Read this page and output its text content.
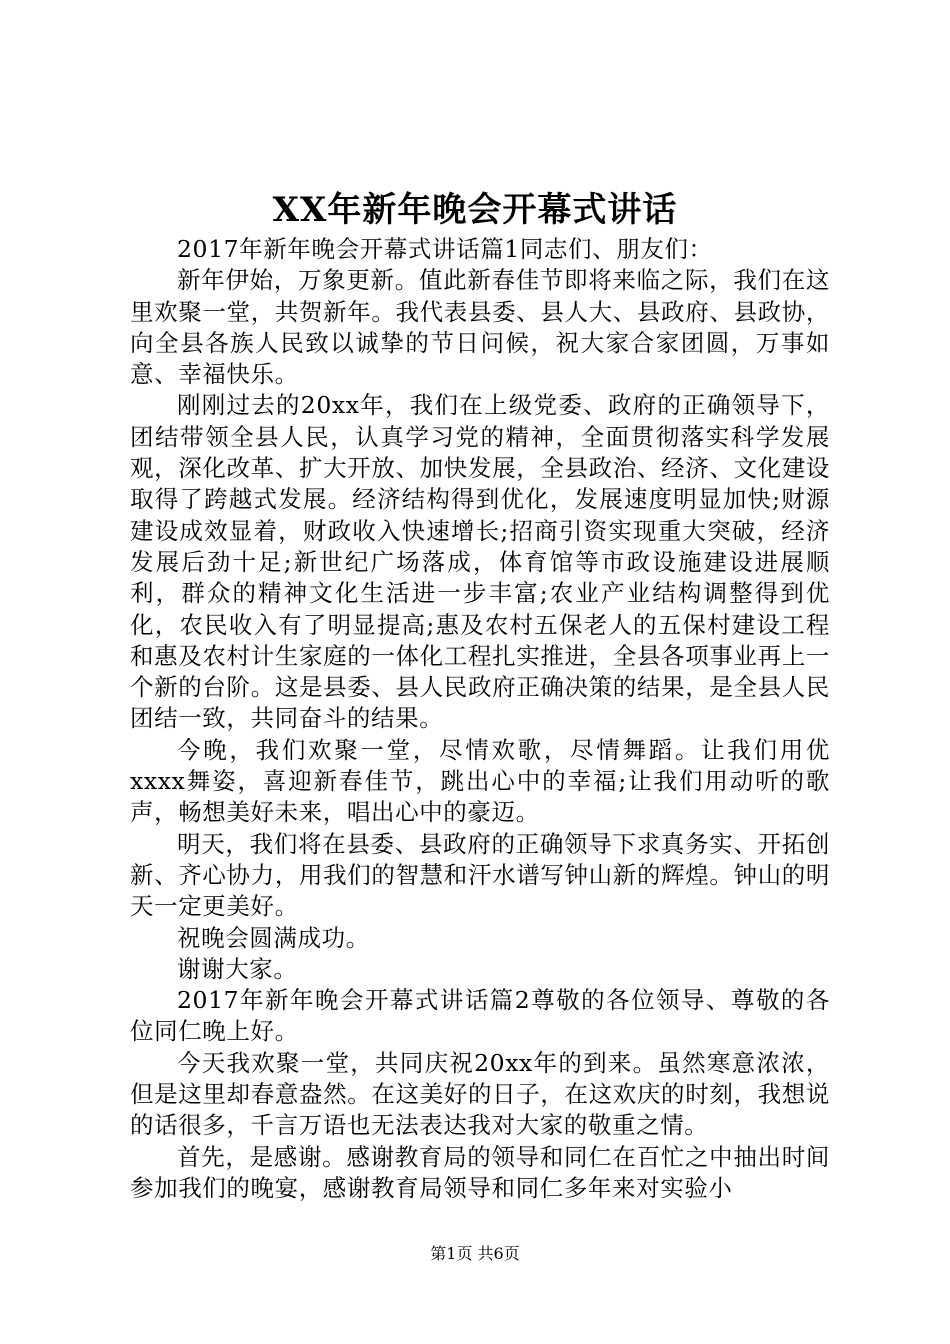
XX年新年晚会开幕式讲话

2017年新年晚会开幕式讲话篇1同志们、朋友们：

新年伊始，万象更新。值此新春佳节即将来临之际，我们在这里欢聚一堂，共贺新年。我代表县委、县人大、县政府、县政协，向全县各族人民致以诚挚的节日问候，祝大家合家团圆，万事如意、幸福快乐。

刚刚过去的20xx年，我们在上级党委、政府的正确领导下，团结带领全县人民，认真学习党的精神，全面贯彻落实科学发展观，深化改革、扩大开放、加快发展，全县政治、经济、文化建设取得了跨越式发展。经济结构得到优化，发展速度明显加快;财源建设成效显着，财政收入快速增长;招商引资实现重大突破，经济发展后劲十足;新世纪广场落成，体育馆等市政设施建设进展顺利，群众的精神文化生活进一步丰富;农业产业结构调整得到优化，农民收入有了明显提高;惠及农村五保老人的五保村建设工程和惠及农村计生家庭的一体化工程扎实推进，全县各项事业再上一个新的台阶。这是县委、县人民政府正确决策的结果，是全县人民团结一致，共同奋斗的结果。

今晚，我们欢聚一堂，尽情欢歌，尽情舞蹈。让我们用优xxxx舞姿，喜迎新春佳节，跳出心中的幸福;让我们用动听的歌声，畅想美好未来，唱出心中的豪迈。

明天，我们将在县委、县政府的正确领导下求真务实、开拓创新、齐心协力，用我们的智慧和汗水谱写钟山新的辉煌。钟山的明天一定更美好。

祝晚会圆满成功。

谢谢大家。

2017年新年晚会开幕式讲话篇2尊敬的各位领导、尊敬的各位同仁晚上好。

今天我欢聚一堂，共同庆祝20xx年的到来。虽然寒意浓浓，但是这里却春意盎然。在这美好的日子，在这欢庆的时刻，我想说的话很多，千言万语也无法表达我对大家的敬重之情。

首先，是感谢。感谢教育局的领导和同仁在百忙之中抽出时间参加我们的晚宴，感谢教育局领导和同仁多年来对实验小

第1页 共6页
